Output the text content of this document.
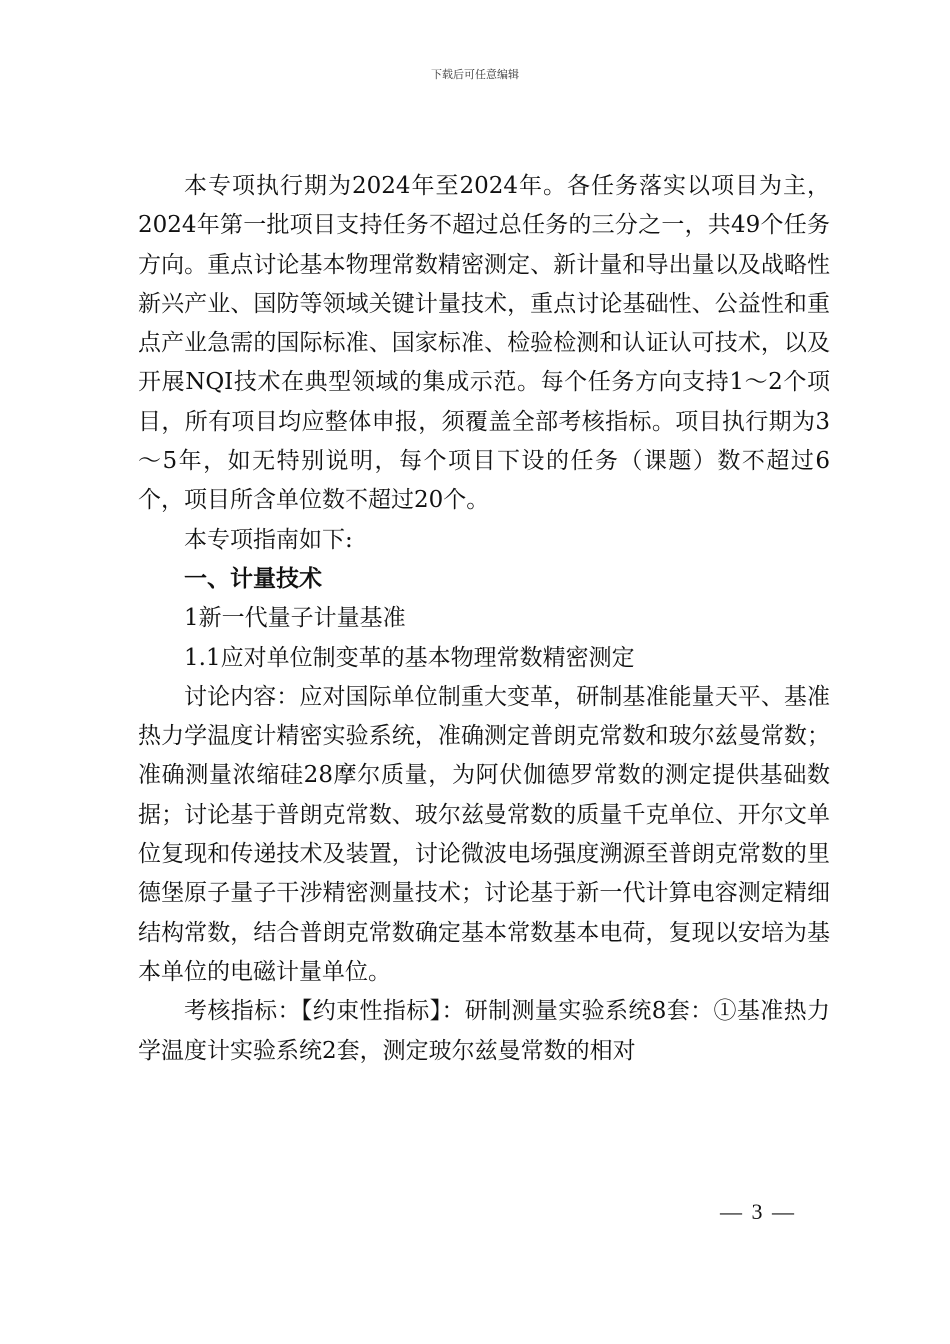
下载后可任意编辑

本专项执行期为2024年至2024年。各任务落实以项目为主，2024年第一批项目支持任务不超过总任务的三分之一，共49个任务方向。重点讨论基本物理常数精密测定、新计量和导出量以及战略性新兴产业、国防等领域关键计量技术，重点讨论基础性、公益性和重点产业急需的国际标准、国家标准、检验检测和认证认可技术，以及开展NQI技术在典型领域的集成示范。每个任务方向支持1～2个项目，所有项目均应整体申报，须覆盖全部考核指标。项目执行期为3～5年，如无特别说明，每个项目下设的任务（课题）数不超过6个，项目所含单位数不超过20个。

本专项指南如下:

一、计量技术

1新一代量子计量基准

1.1应对单位制变革的基本物理常数精密测定

讨论内容：应对国际单位制重大变革，研制基准能量天平、基准热力学温度计精密实验系统，准确测定普朗克常数和玻尔兹曼常数；准确测量浓缩硅28摩尔质量，为阿伏伽德罗常数的测定提供基础数据；讨论基于普朗克常数、玻尔兹曼常数的质量千克单位、开尔文单位复现和传递技术及装置，讨论微波电场强度溯源至普朗克常数的里德堡原子量子干涉精密测量技术；讨论基于新一代计算电容测定精细结构常数，结合普朗克常数确定基本常数基本电荷，复现以安培为基本单位的电磁计量单位。

考核指标：【约束性指标】：研制测量实验系统8套：①基准热力学温度计实验系统2套，测定玻尔兹曼常数的相对

— 3 —
